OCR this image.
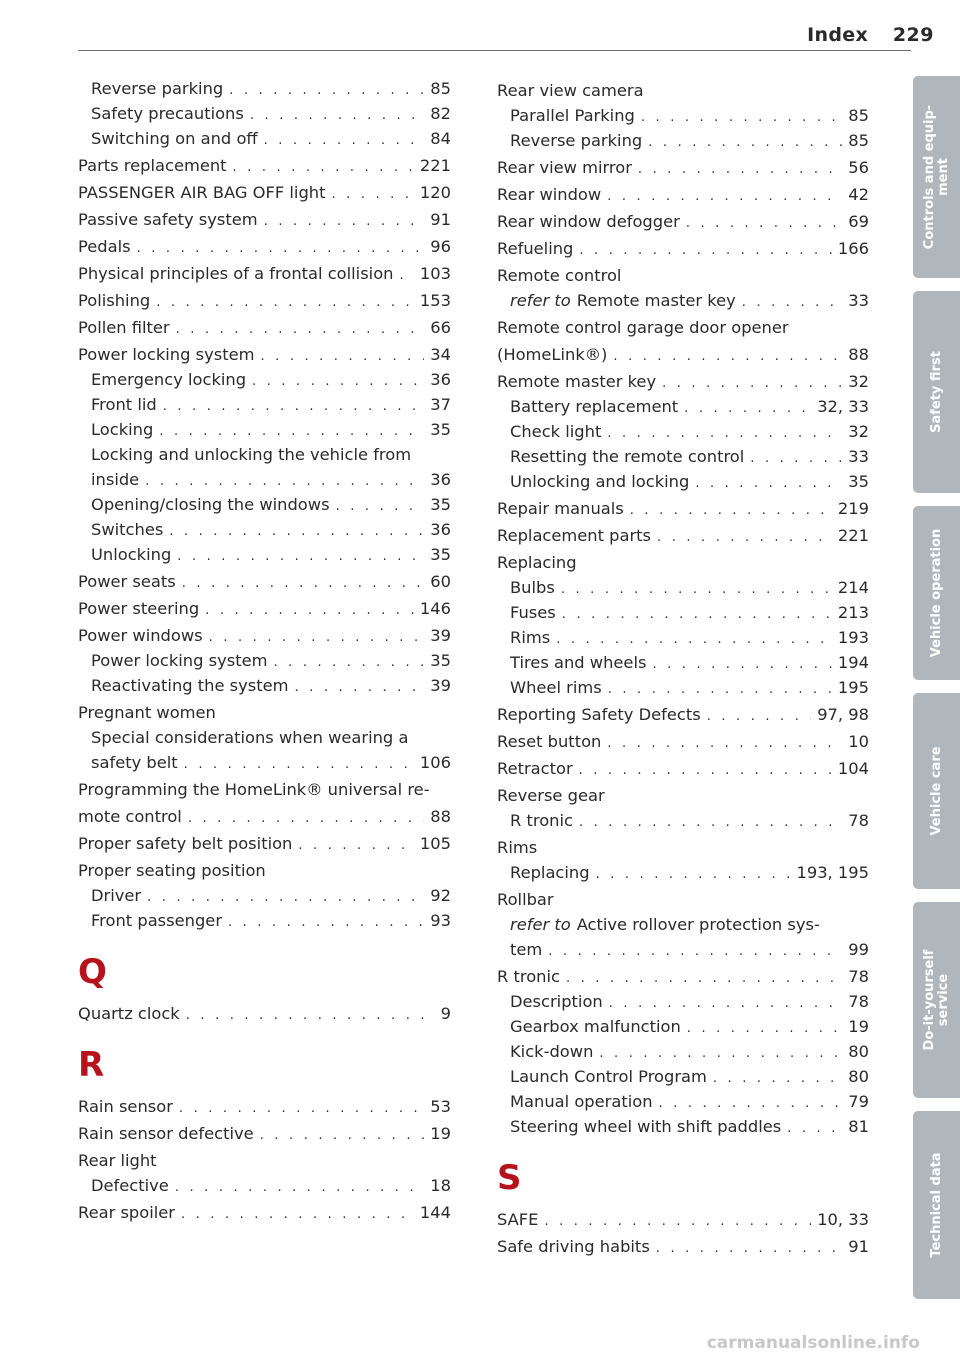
Index 229
Reverse parking . . .	85
Safety precautions . . .	82
Switching on and off . . .	84
Parts replacement . . .	221
PASSENGER AIR BAG OFF light . . .	120
Passive safety system . . .	91
Pedals . . .	96
Physical principles of a frontal collision . . . 103
Polishing . . .	153
Pollen filter . . .	66
Power locking system . . .	34
Emergency locking . . .	36
Front lid . . .	37
Locking . . .	35
Locking and unlocking the vehicle from
inside . . .	36
Opening/closing the windows . . .	35
Switches . . .	36
Unlocking . . .	35
Power seats . . .	60
Power steering . . .	146
Power windows . . .	39
Power locking system . . .	35
Reactivating the system . . .	39
Pregnant women
Special considerations when wearing a
safety belt . . .	106
Programming the HomeLink® universal re-
mote control . . .	88
Proper safety belt position . . .	105
Proper seating position
Driver . . .	92
Front passenger . . .	93
Q
Quartz clock . . .	9
R
Rain sensor . . .	53
Rain sensor defective . . .	19
Rear light
Defective . . .	18
Rear spoiler . . .	144
Rear view camera
Parallel Parking . . .	85
Reverse parking . . .	85
Rear view mirror . . .	56
Rear window . . .	42
Rear window defogger . . .	69
Refueling . . .	166
Remote control
refer to Remote master key . . .	33
Remote control garage door opener
(HomeLink®) . . .	88
Remote master key . . .	32
Battery replacement . . .	32, 33
Check light . . .	32
Resetting the remote control . . .	33
Unlocking and locking . . .	35
Repair manuals . . .	219
Replacement parts . . .	221
Replacing
Bulbs . . .	214
Fuses . . .	213
Rims . . .	193
Tires and wheels . . .	194
Wheel rims . . .	195
Reporting Safety Defects . . .	97, 98
Reset button . . .	10
Retractor . . .	104
Reverse gear
R tronic . . .	78
Rims
Replacing . . .	193, 195
Rollbar
refer to Active rollover protection sys-
tem . . .	99
R tronic . . .	78
Description . . .	78
Gearbox malfunction . . .	19
Kick-down . . .	80
Launch Control Program . . .	80
Manual operation . . .	79
Steering wheel with shift paddles . . .	81
S
SAFE . . .	10, 33
Safe driving habits . . .	91
Controls and equip-
ment
Safety first
Vehicle operation
Vehicle care
Do-it-yourself
service
Technical data
carmanualsonline.info
